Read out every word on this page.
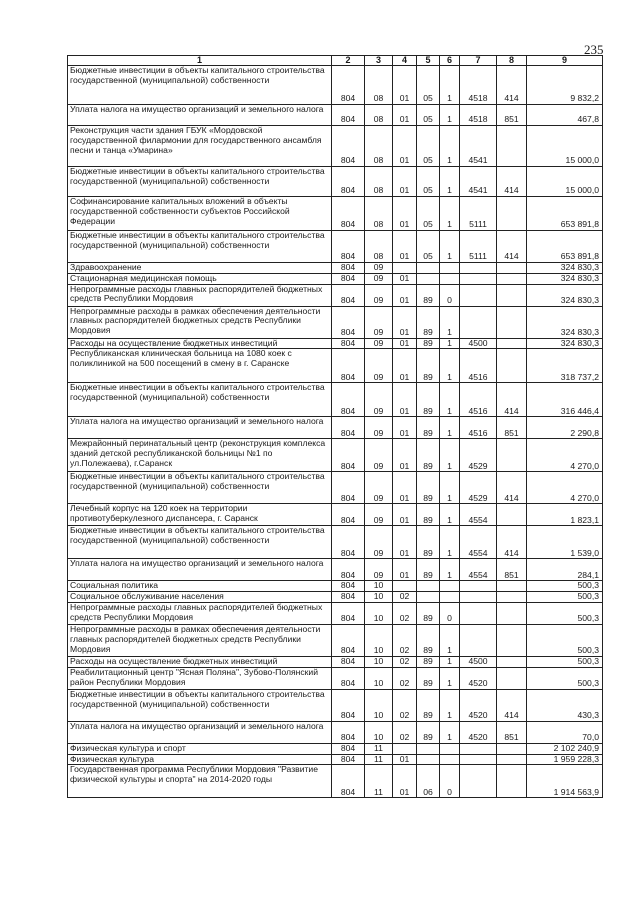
235
1	2	3	4	5	6	7	8	9
Бюджетные инвестиции в объекты капитального строительства государственной (муниципальной) собственности	804	08	01	05	1	4518	414	9 832,2
Уплата налога на имущество организаций и земельного налога	804	08	01	05	1	4518	851	467,8
Реконструкция части здания ГБУК «Мордовской государственной филармонии для государственного ансамбля песни и танца «Умарина»	804	08	01	05	1	4541		15 000,0
Бюджетные инвестиции в объекты капитального строительства государственной (муниципальной) собственности	804	08	01	05	1	4541	414	15 000,0
Софинансирование капитальных вложений в объекты государственной собственности субъектов Российской Федерации	804	08	01	05	1	5111		653 891,8
Бюджетные инвестиции в объекты капитального строительства государственной (муниципальной) собственности	804	08	01	05	1	5111	414	653 891,8
Здравоохранение	804	09						324 830,3
Стационарная медицинская помощь	804	09	01					324 830,3
Непрограммные расходы главных распорядителей бюджетных средств Республики Мордовия	804	09	01	89	0			324 830,3
Непрограммные расходы в рамках обеспечения деятельности главных распорядителей бюджетных средств Республики Мордовия	804	09	01	89	1			324 830,3
Расходы на осуществление бюджетных инвестиций	804	09	01	89	1	4500		324 830,3
Республиканская клиническая больница на 1080 коек с поликлиникой на 500 посещений в смену в г. Саранске	804	09	01	89	1	4516		318 737,2
Бюджетные инвестиции в объекты капитального строительства государственной (муниципальной) собственности	804	09	01	89	1	4516	414	316 446,4
Уплата налога на имущество организаций и земельного налога	804	09	01	89	1	4516	851	2 290,8
Межрайонный перинатальный центр (реконструкция комплекса зданий детской республиканской больницы №1 по ул.Полежаева), г.Саранск	804	09	01	89	1	4529		4 270,0
Бюджетные инвестиции в объекты капитального строительства государственной (муниципальной) собственности	804	09	01	89	1	4529	414	4 270,0
Лечебный корпус на 120 коек на территории противотуберкулезного диспансера, г. Саранск	804	09	01	89	1	4554		1 823,1
Бюджетные инвестиции в объекты капитального строительства государственной (муниципальной) собственности	804	09	01	89	1	4554	414	1 539,0
Уплата налога на имущество организаций и земельного налога	804	09	01	89	1	4554	851	284,1
Социальная политика	804	10						500,3
Социальное обслуживание населения	804	10	02					500,3
Непрограммные расходы главных распорядителей бюджетных средств Республики Мордовия	804	10	02	89	0			500,3
Непрограммные расходы в рамках обеспечения деятельности главных распорядителей бюджетных средств Республики Мордовия	804	10	02	89	1			500,3
Расходы на осуществление бюджетных инвестиций	804	10	02	89	1	4500		500,3
Реабилитационный центр "Ясная Поляна", Зубово-Полянский район Республики Мордовия	804	10	02	89	1	4520		500,3
Бюджетные инвестиции в объекты капитального строительства государственной (муниципальной) собственности	804	10	02	89	1	4520	414	430,3
Уплата налога на имущество организаций и земельного налога	804	10	02	89	1	4520	851	70,0
Физическая культура и спорт	804	11						2 102 240,9
Физическая культура	804	11	01					1 959 228,3
Государственная программа Республики Мордовия "Развитие физической культуры и спорта" на 2014-2020 годы	804	11	01	06	0			1 914 563,9
